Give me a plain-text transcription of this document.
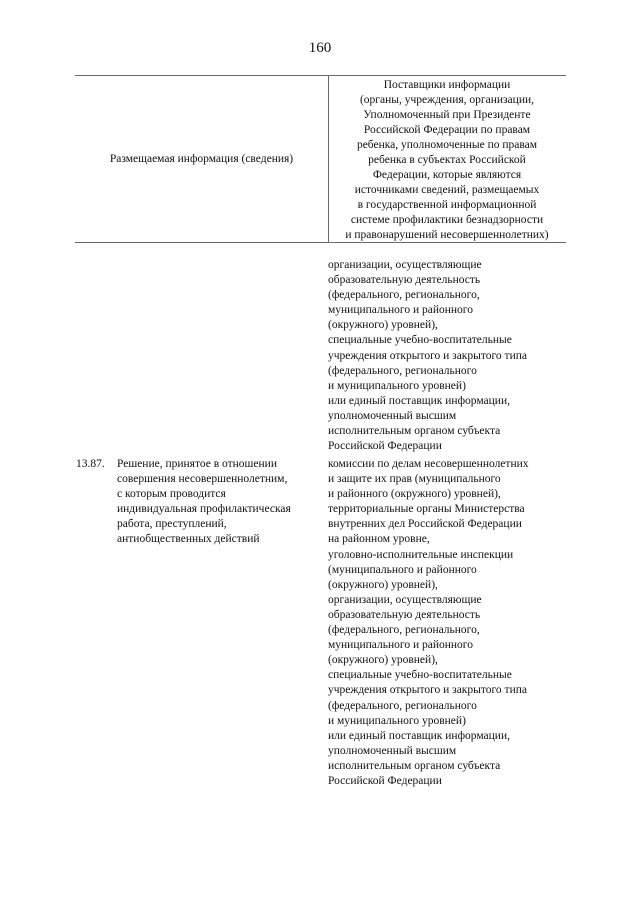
160
Размещаемая информация (сведения)
Поставщики информации
(органы, учреждения, организации,
Уполномоченный при Президенте
Российской Федерации по правам
ребенка, уполномоченные по правам
ребенка в субъектах Российской
Федерации, которые являются
источниками сведений, размещаемых
в государственной информационной
системе профилактики безнадзорности
и правонарушений несовершеннолетних)
организации, осуществляющие
образовательную деятельность
(федерального, регионального,
муниципального и районного
(окружного) уровней),
специальные учебно-воспитательные
учреждения открытого и закрытого типа
(федерального, регионального
и муниципального уровней)
или единый поставщик информации,
уполномоченный высшим
исполнительным органом субъекта
Российской Федерации
13.87.	Решение, принятое в отношении
совершения несовершеннолетним,
с которым проводится
индивидуальная профилактическая
работа, преступлений,
антиобщественных действий
комиссии по делам несовершеннолетних
и защите их прав (муниципального
и районного (окружного) уровней),
территориальные органы Министерства
внутренних дел Российской Федерации
на районном уровне,
уголовно-исполнительные инспекции
(муниципального и районного
(окружного) уровней),
организации, осуществляющие
образовательную деятельность
(федерального, регионального,
муниципального и районного
(окружного) уровней),
специальные учебно-воспитательные
учреждения открытого и закрытого типа
(федерального, регионального
и муниципального уровней)
или единый поставщик информации,
уполномоченный высшим
исполнительным органом субъекта
Российской Федерации
